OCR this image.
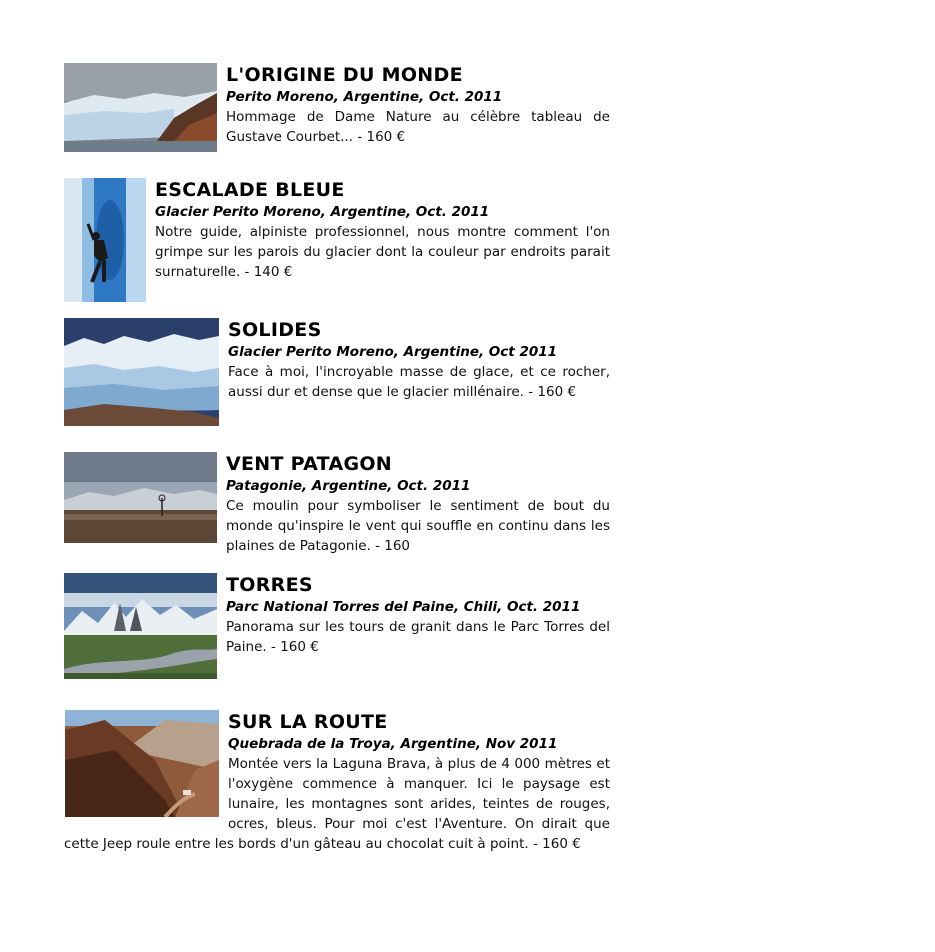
L'ORIGINE DU MONDE
Perito Moreno, Argentine, Oct. 2011
Hommage de Dame Nature au célèbre tableau de Gustave Courbet... - 160 €
ESCALADE BLEUE
Glacier Perito Moreno, Argentine, Oct. 2011
Notre guide, alpiniste professionnel, nous montre comment l'on grimpe sur les parois du glacier dont la couleur par endroits parait surnaturelle. - 140 €
SOLIDES
Glacier Perito Moreno, Argentine, Oct 2011
Face à moi, l'incroyable masse de glace, et ce rocher, aussi dur et dense que le glacier millénaire. - 160 €
VENT PATAGON
Patagonie, Argentine, Oct. 2011
Ce moulin pour symboliser le sentiment de bout du monde qu'inspire le vent qui souffle en continu dans les plaines de Patagonie. - 160
TORRES
Parc National Torres del Paine, Chili, Oct. 2011
Panorama sur les tours de granit dans le Parc Torres del Paine. - 160 €
SUR LA ROUTE
Quebrada de la Troya, Argentine, Nov 2011
Montée vers la Laguna Brava, à plus de 4 000 mètres et l'oxygène commence à manquer. Ici le paysage est lunaire, les montagnes sont arides, teintes de rouges, ocres, bleus. Pour moi c'est l'Aventure. On dirait que cette Jeep roule entre les bords d'un gâteau au chocolat cuit à point. - 160 €
